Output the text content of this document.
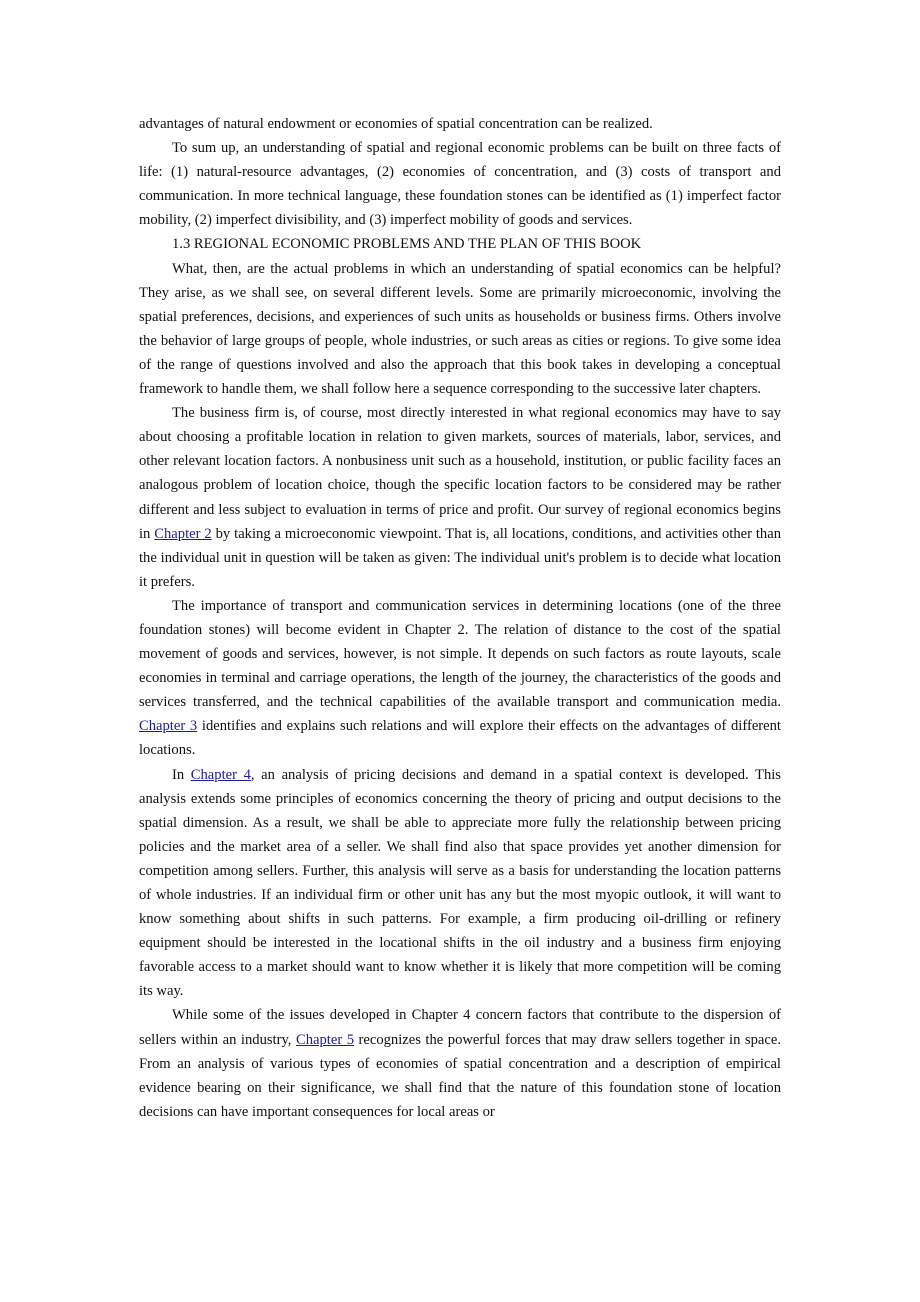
advantages of natural endowment or economies of spatial concentration can be realized.

To sum up, an understanding of spatial and regional economic problems can be built on three facts of life: (1) natural-resource advantages, (2) economies of concentration, and (3) costs of transport and communication. In more technical language, these foundation stones can be identified as (1) imperfect factor mobility, (2) imperfect divisibility, and (3) imperfect mobility of goods and services.

1.3 REGIONAL ECONOMIC PROBLEMS AND THE PLAN OF THIS BOOK

What, then, are the actual problems in which an understanding of spatial economics can be helpful? They arise, as we shall see, on several different levels. Some are primarily microeconomic, involving the spatial preferences, decisions, and experiences of such units as households or business firms. Others involve the behavior of large groups of people, whole industries, or such areas as cities or regions. To give some idea of the range of questions involved and also the approach that this book takes in developing a conceptual framework to handle them, we shall follow here a sequence corresponding to the successive later chapters.

The business firm is, of course, most directly interested in what regional economics may have to say about choosing a profitable location in relation to given markets, sources of materials, labor, services, and other relevant location factors. A nonbusiness unit such as a household, institution, or public facility faces an analogous problem of location choice, though the specific location factors to be considered may be rather different and less subject to evaluation in terms of price and profit. Our survey of regional economics begins in Chapter 2 by taking a microeconomic viewpoint. That is, all locations, conditions, and activities other than the individual unit in question will be taken as given: The individual unit's problem is to decide what location it prefers.

The importance of transport and communication services in determining locations (one of the three foundation stones) will become evident in Chapter 2. The relation of distance to the cost of the spatial movement of goods and services, however, is not simple. It depends on such factors as route layouts, scale economies in terminal and carriage operations, the length of the journey, the characteristics of the goods and services transferred, and the technical capabilities of the available transport and communication media. Chapter 3 identifies and explains such relations and will explore their effects on the advantages of different locations.

In Chapter 4, an analysis of pricing decisions and demand in a spatial context is developed. This analysis extends some principles of economics concerning the theory of pricing and output decisions to the spatial dimension. As a result, we shall be able to appreciate more fully the relationship between pricing policies and the market area of a seller. We shall find also that space provides yet another dimension for competition among sellers. Further, this analysis will serve as a basis for understanding the location patterns of whole industries. If an individual firm or other unit has any but the most myopic outlook, it will want to know something about shifts in such patterns. For example, a firm producing oil-drilling or refinery equipment should be interested in the locational shifts in the oil industry and a business firm enjoying favorable access to a market should want to know whether it is likely that more competition will be coming its way.

While some of the issues developed in Chapter 4 concern factors that contribute to the dispersion of sellers within an industry, Chapter 5 recognizes the powerful forces that may draw sellers together in space. From an analysis of various types of economies of spatial concentration and a description of empirical evidence bearing on their significance, we shall find that the nature of this foundation stone of location decisions can have important consequences for local areas or
